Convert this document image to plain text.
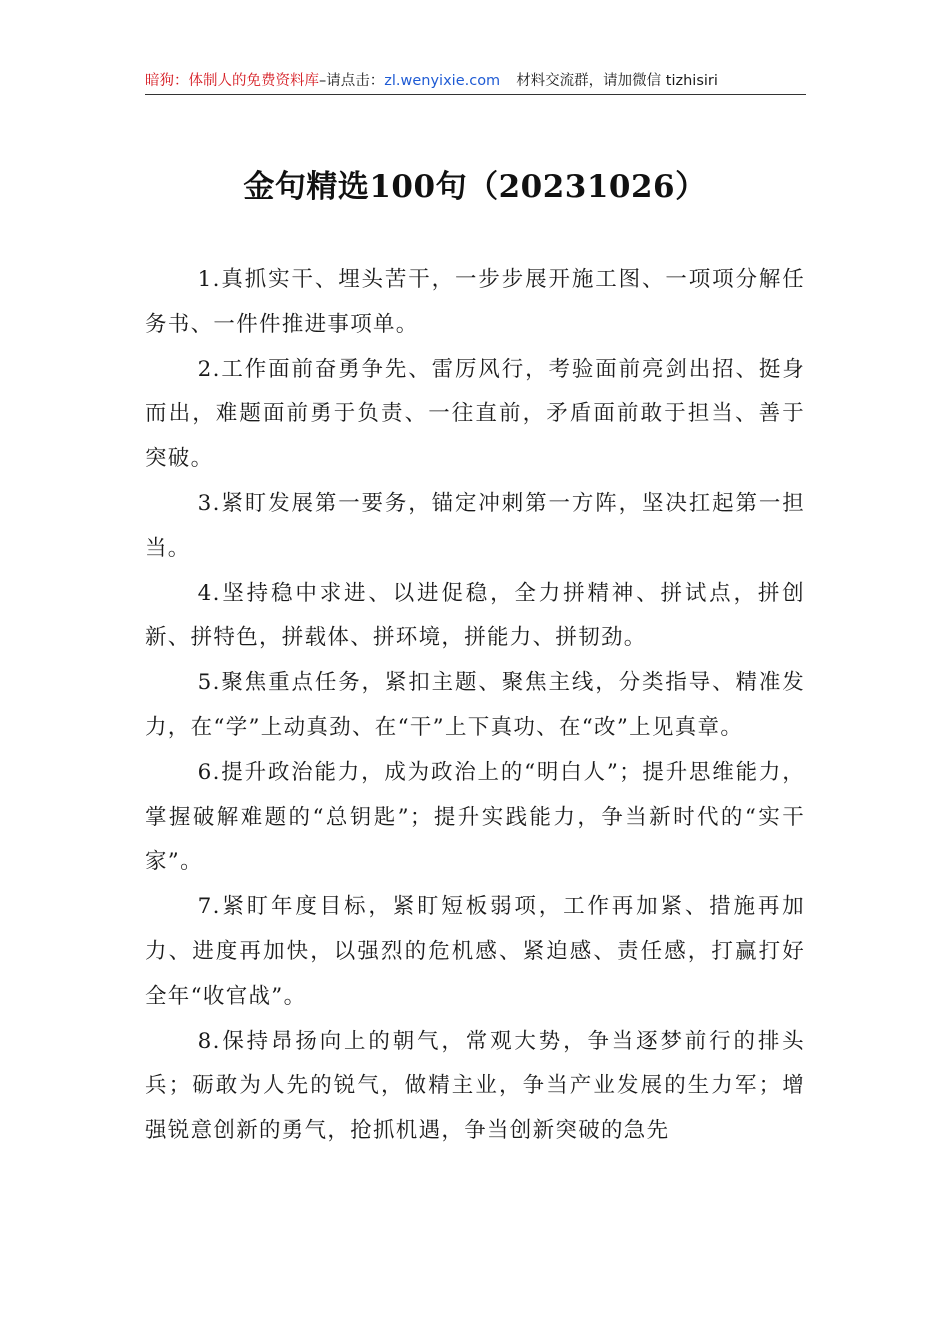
暗狗：体制人的免费资料库–请点击：zl.wenyixie.com 材料交流群，请加微信 tizhisiri
金句精选100句（20231026）

1.真抓实干、埋头苦干，一步步展开施工图、一项项分解任务书、一件件推进事项单。

2.工作面前奋勇争先、雷厉风行，考验面前亮剑出招、挺身而出，难题面前勇于负责、一往直前，矛盾面前敢于担当、善于突破。

3.紧盯发展第一要务，锚定冲刺第一方阵，坚决扛起第一担当。

4.坚持稳中求进、以进促稳，全力拼精神、拼试点，拼创新、拼特色，拼载体、拼环境，拼能力、拼韧劲。

5.聚焦重点任务，紧扣主题、聚焦主线，分类指导、精准发力，在“学”上动真劲、在“干”上下真功、在“改”上见真章。

6.提升政治能力，成为政治上的“明白人”；提升思维能力，掌握破解难题的“总钥匙”；提升实践能力，争当新时代的“实干家”。

7.紧盯年度目标，紧盯短板弱项，工作再加紧、措施再加力、进度再加快，以强烈的危机感、紧迫感、责任感，打赢打好全年“收官战”。

8.保持昂扬向上的朝气，常观大势，争当逐梦前行的排头兵；砺敢为人先的锐气，做精主业，争当产业发展的生力军；增强锐意创新的勇气，抢抓机遇，争当创新突破的急先
